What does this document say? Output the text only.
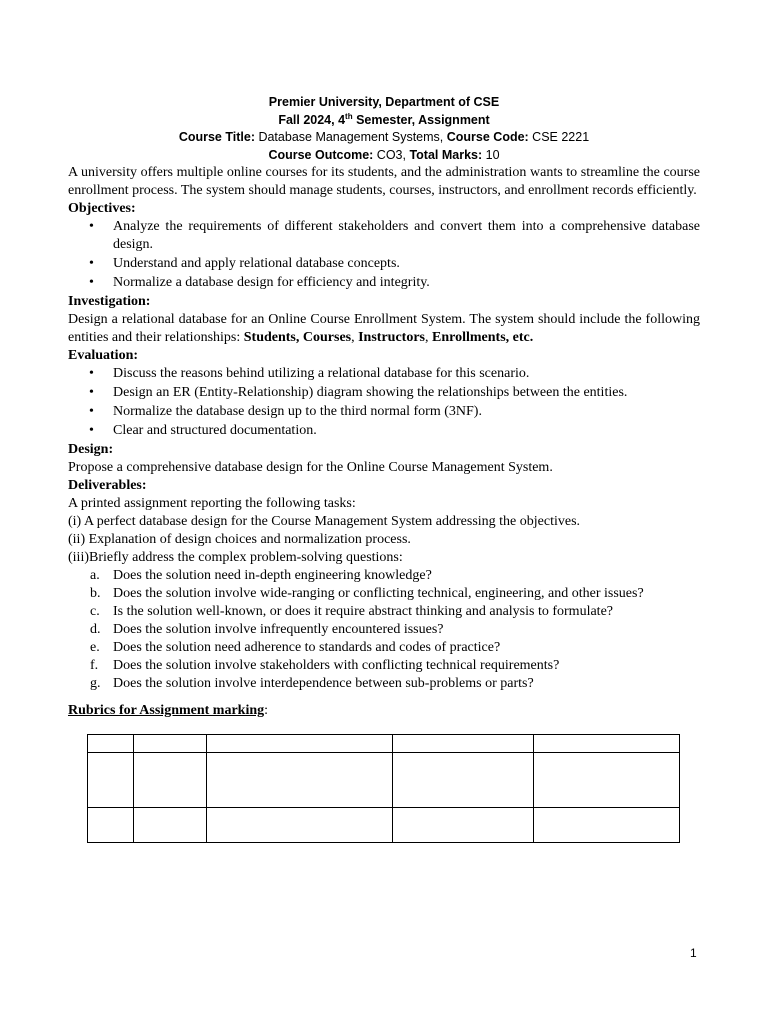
Premier University, Department of CSE
Fall 2024, 4th Semester, Assignment
Course Title: Database Management Systems, Course Code: CSE 2221
Course Outcome: CO3, Total Marks: 10

A university offers multiple online courses for its students, and the administration wants to streamline the course enrollment process. The system should manage students, courses, instructors, and enrollment records efficiently.

Objectives:
• Analyze the requirements of different stakeholders and convert them into a comprehensive database design.
• Understand and apply relational database concepts.
• Normalize a database design for efficiency and integrity.
Investigation:

Design a relational database for an Online Course Enrollment System. The system should include the following entities and their relationships: Students, Courses, Instructors, Enrollments, etc.

Evaluation:
• Discuss the reasons behind utilizing a relational database for this scenario.
• Design an ER (Entity-Relationship) diagram showing the relationships between the entities.
• Normalize the database design up to the third normal form (3NF).
• Clear and structured documentation.
Design:

Propose a comprehensive database design for the Online Course Management System.

Deliverables:

A printed assignment reporting the following tasks:

(i) A perfect database design for the Course Management System addressing the objectives.
(ii) Explanation of design choices and normalization process.
(iii)Briefly address the complex problem-solving questions:
a. Does the solution need in-depth engineering knowledge?
b. Does the solution involve wide-ranging or conflicting technical, engineering, and other issues?
c. Is the solution well-known, or does it require abstract thinking and analysis to formulate?
d. Does the solution involve infrequently encountered issues?
e. Does the solution need adherence to standards and codes of practice?
f. Does the solution involve stakeholders with conflicting technical requirements?
g. Does the solution involve interdependence between sub-problems or parts?
Rubrics for Assignment marking:

1
